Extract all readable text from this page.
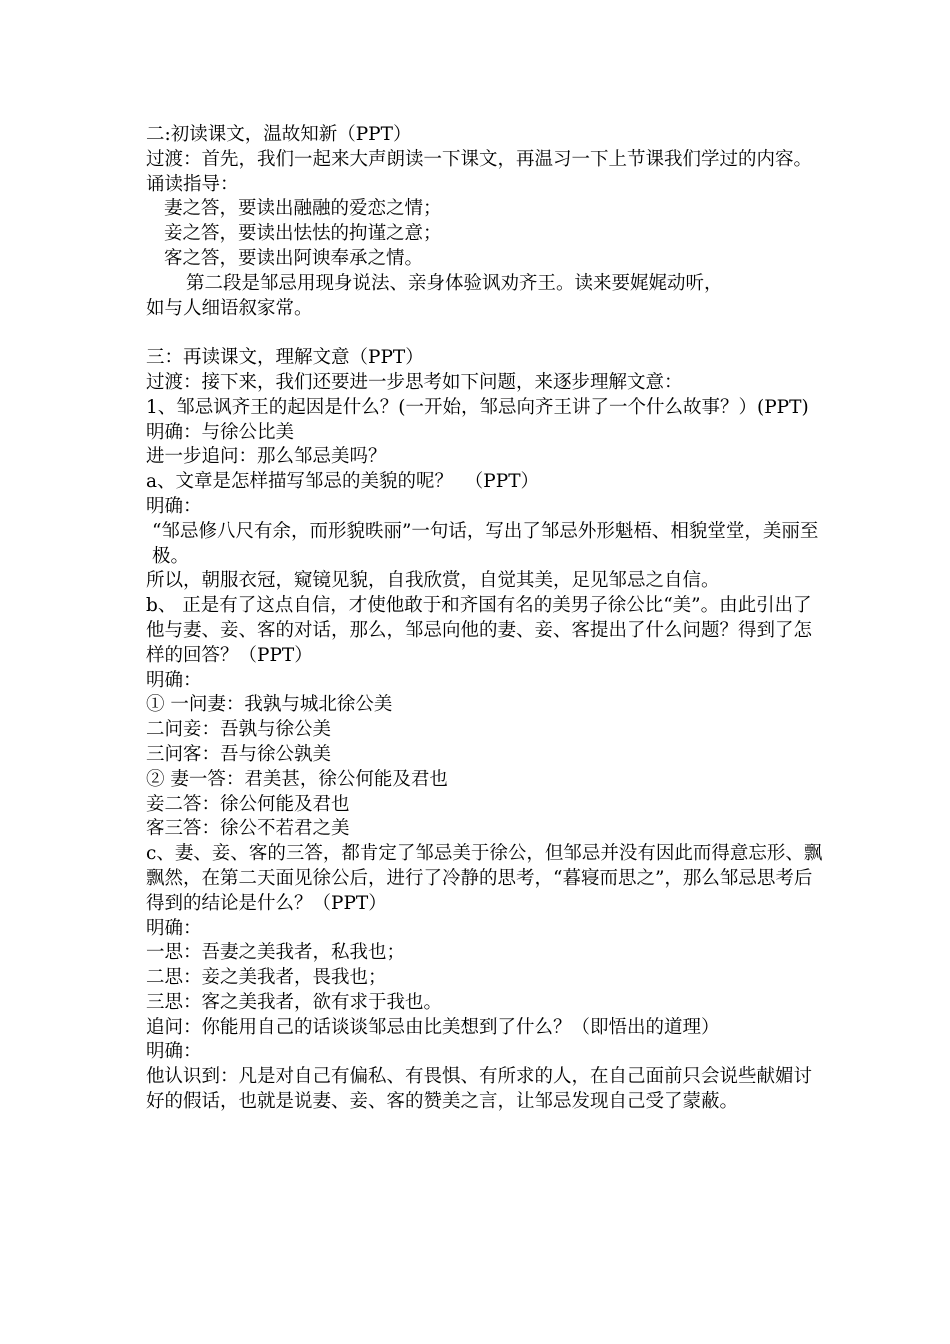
二:初读课文，温故知新（PPT）

过渡：首先，我们一起来大声朗读一下课文，再温习一下上节课我们学过的内容。

诵读指导：

妻之答，要读出融融的爱恋之情；

妾之答，要读出怯怯的拘谨之意；

客之答，要读出阿谀奉承之情。

第二段是邹忌用现身说法、亲身体验讽劝齐王。读来要娓娓动听，

如与人细语叙家常。

三：再读课文，理解文意（PPT）

过渡：接下来，我们还要进一步思考如下问题，来逐步理解文意：

1、邹忌讽齐王的起因是什么？(一开始，邹忌向齐王讲了一个什么故事？）(PPT)

明确：与徐公比美

进一步追问：那么邹忌美吗？

a、文章是怎样描写邹忌的美貌的呢？  （PPT）

明确：

“邹忌修八尺有余，而形貌昳丽”一句话，写出了邹忌外形魁梧、相貌堂堂，美丽至极。

所以，朝服衣冠，窥镜见貌，自我欣赏，自觉其美，足见邹忌之自信。

b、 正是有了这点自信，才使他敢于和齐国有名的美男子徐公比“美”。由此引出了他与妻、妾、客的对话，那么，邹忌向他的妻、妾、客提出了什么问题？得到了怎样的回答？（PPT）

明确：

① 一问妻：我孰与城北徐公美

二问妾：吾孰与徐公美

三问客：吾与徐公孰美

② 妻一答：君美甚，徐公何能及君也

妾二答：徐公何能及君也

客三答：徐公不若君之美

c、妻、妾、客的三答，都肯定了邹忌美于徐公，但邹忌并没有因此而得意忘形、飘飘然，在第二天面见徐公后，进行了冷静的思考，“暮寝而思之”，那么邹忌思考后得到的结论是什么？（PPT）

明确：

一思：吾妻之美我者，私我也；

二思：妾之美我者，畏我也；

三思：客之美我者，欲有求于我也。

追问：你能用自己的话谈谈邹忌由比美想到了什么？（即悟出的道理）

明确：

他认识到：凡是对自己有偏私、有畏惧、有所求的人，在自己面前只会说些献媚讨好的假话，也就是说妻、妾、客的赞美之言，让邹忌发现自己受了蒙蔽。
